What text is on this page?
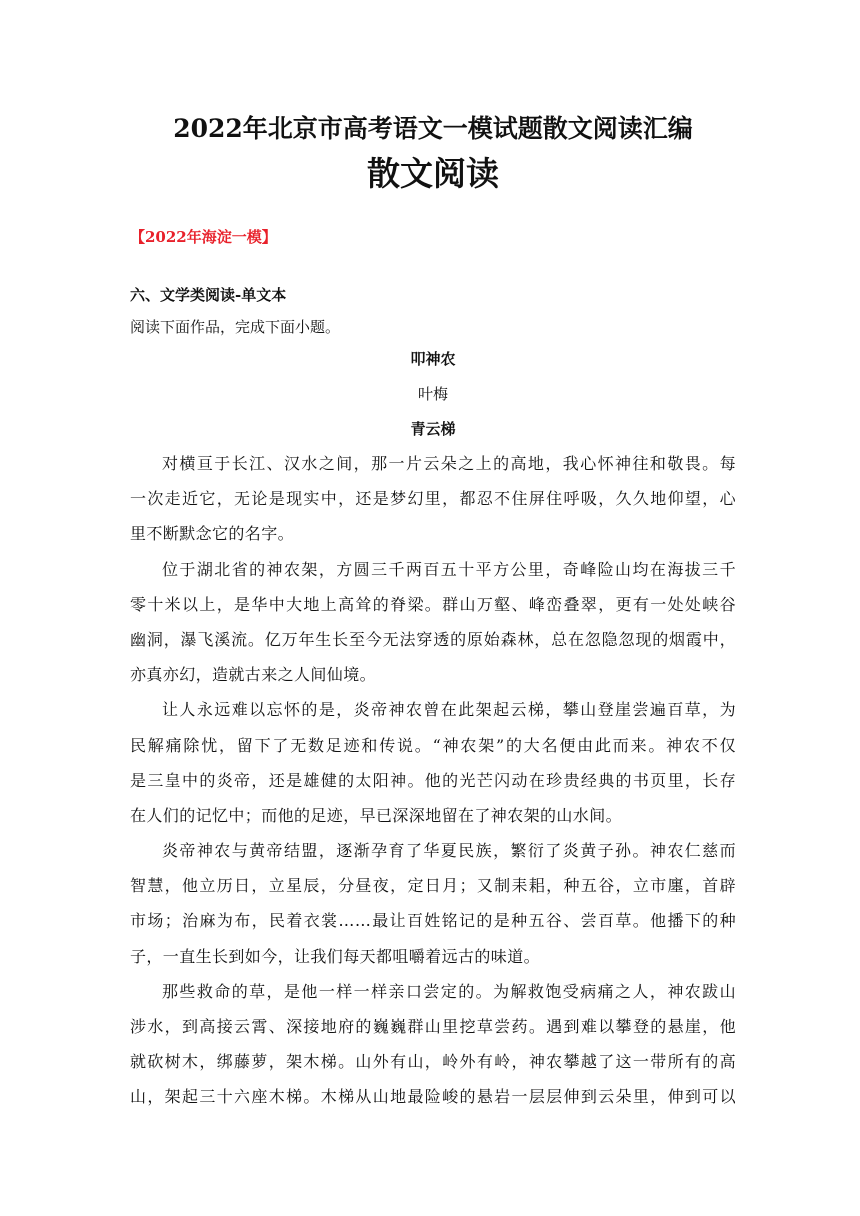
2022年北京市高考语文一模试题散文阅读汇编
散文阅读
【2022年海淀一模】
六、文学类阅读-单文本
阅读下面作品，完成下面小题。
叩神农
叶梅
青云梯
对横亘于长江、汉水之间，那一片云朵之上的高地，我心怀神往和敬畏。每
一次走近它，无论是现实中，还是梦幻里，都忍不住屏住呼吸，久久地仰望，心
里不断默念它的名字。
位于湖北省的神农架，方圆三千两百五十平方公里，奇峰险山均在海拔三千
零十米以上，是华中大地上高耸的脊梁。群山万壑、峰峦叠翠，更有一处处峡谷
幽洞，瀑飞溪流。亿万年生长至今无法穿透的原始森林，总在忽隐忽现的烟霞中，
亦真亦幻，造就古来之人间仙境。
让人永远难以忘怀的是，炎帝神农曾在此架起云梯，攀山登崖尝遍百草，为
民解痛除忧，留下了无数足迹和传说。“神农架”的大名便由此而来。神农不仅
是三皇中的炎帝，还是雄健的太阳神。他的光芒闪动在珍贵经典的书页里，长存
在人们的记忆中；而他的足迹，早已深深地留在了神农架的山水间。
炎帝神农与黄帝结盟，逐渐孕育了华夏民族，繁衍了炎黄子孙。神农仁慈而
智慧，他立历日，立星辰，分昼夜，定日月；又制耒耜，种五谷，立市廛，首辟
市场；治麻为布，民着衣裳……最让百姓铭记的是种五谷、尝百草。他播下的种
子，一直生长到如今，让我们每天都咀嚼着远古的味道。
那些救命的草，是他一样一样亲口尝定的。为解救饱受病痛之人，神农跋山
涉水，到高接云霄、深接地府的巍巍群山里挖草尝药。遇到难以攀登的悬崖，他
就砍树木，绑藤萝，架木梯。山外有山，岭外有岭，神农攀越了这一带所有的高
山，架起三十六座木梯。木梯从山地最险峻的悬岩一层层伸到云朵里，伸到可以
